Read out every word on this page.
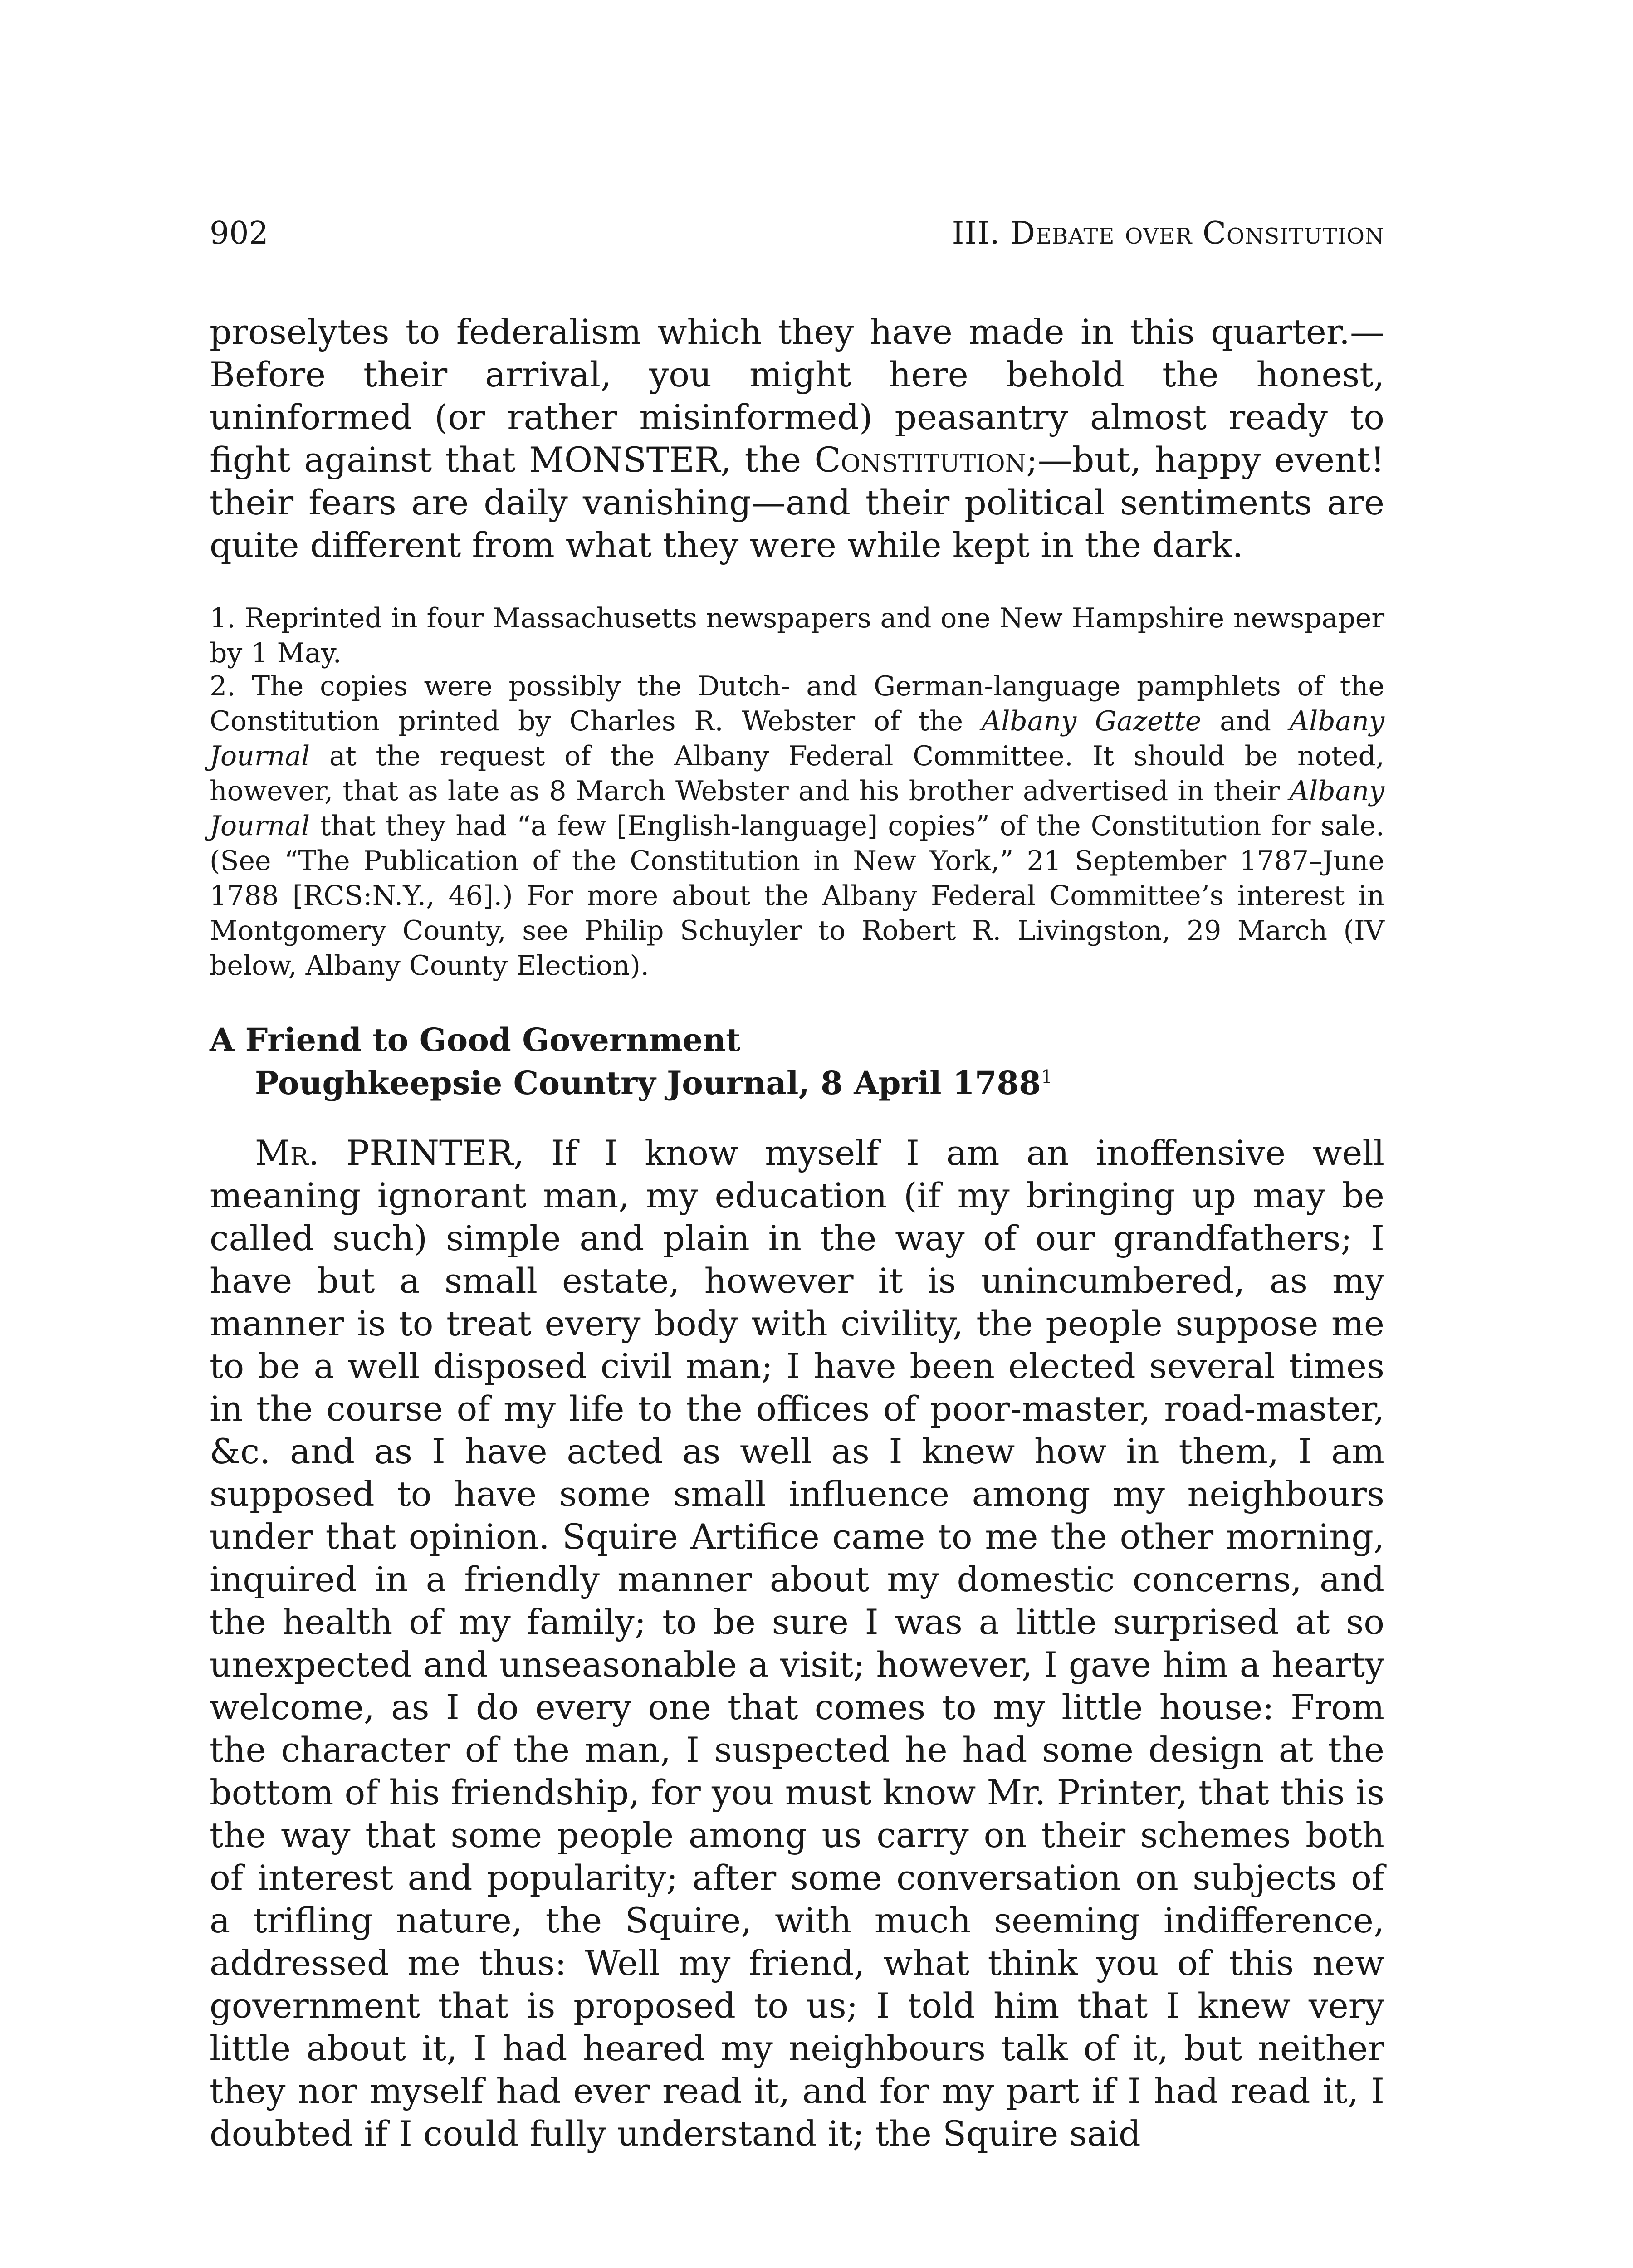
902	III. Debate over Consitution

proselytes to federalism which they have made in this quarter.—Before their arrival, you might here behold the honest, uninformed (or rather misinformed) peasantry almost ready to fight against that MONSTER, the Constitution;—but, happy event! their fears are daily vanishing—and their political sentiments are quite different from what they were while kept in the dark.

1. Reprinted in four Massachusetts newspapers and one New Hampshire newspaper by 1 May.

2. The copies were possibly the Dutch- and German-language pamphlets of the Constitution printed by Charles R. Webster of the Albany Gazette and Albany Journal at the request of the Albany Federal Committee. It should be noted, however, that as late as 8 March Webster and his brother advertised in their Albany Journal that they had “a few [English-language] copies” of the Constitution for sale. (See “The Publication of the Constitution in New York,” 21 September 1787–June 1788 [RCS:N.Y., 46].) For more about the Albany Federal Committee’s interest in Montgomery County, see Philip Schuyler to Robert R. Livingston, 29 March (IV below, Albany County Election).

A Friend to Good Government
Poughkeepsie Country Journal, 8 April 1788$^1$

Mr. PRINTER, If I know myself I am an inoffensive well meaning ignorant man, my education (if my bringing up may be called such) simple and plain in the way of our grandfathers; I have but a small estate, however it is unincumbered, as my manner is to treat every body with civility, the people suppose me to be a well disposed civil man; I have been elected several times in the course of my life to the offices of poor-master, road-master, &c. and as I have acted as well as I knew how in them, I am supposed to have some small influence among my neighbours under that opinion. Squire Artifice came to me the other morning, inquired in a friendly manner about my domestic concerns, and the health of my family; to be sure I was a little surprised at so unexpected and unseasonable a visit; however, I gave him a hearty welcome, as I do every one that comes to my little house: From the character of the man, I suspected he had some design at the bottom of his friendship, for you must know Mr. Printer, that this is the way that some people among us carry on their schemes both of interest and popularity; after some conversation on subjects of a trifling nature, the Squire, with much seeming indifference, addressed me thus: Well my friend, what think you of this new government that is proposed to us; I told him that I knew very little about it, I had heared my neighbours talk of it, but neither they nor myself had ever read it, and for my part if I had read it, I doubted if I could fully understand it; the Squire said
